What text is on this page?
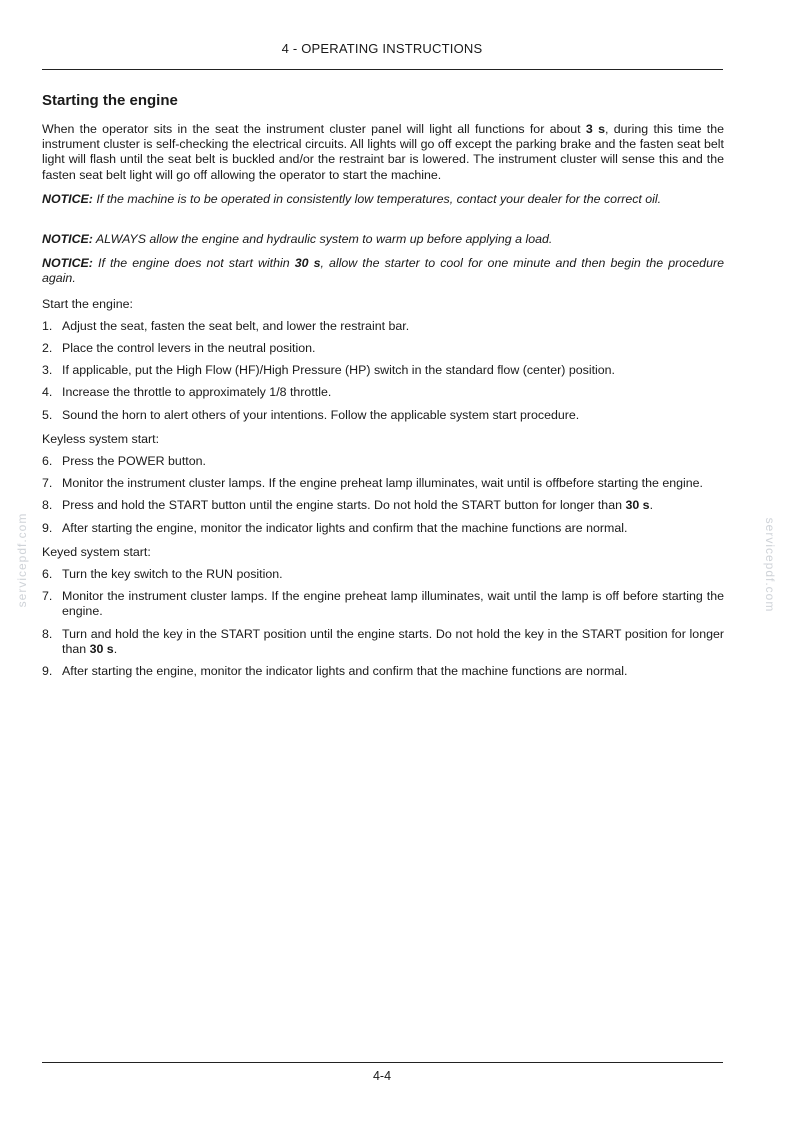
4 - OPERATING INSTRUCTIONS
Starting the engine

When the operator sits in the seat the instrument cluster panel will light all functions for about 3 s, during this time the instrument cluster is self-checking the electrical circuits. All lights will go off except the parking brake and the fasten seat belt light will flash until the seat belt is buckled and/or the restraint bar is lowered. The instrument cluster will sense this and the fasten seat belt light will go off allowing the operator to start the machine.

NOTICE: If the machine is to be operated in consistently low temperatures, contact your dealer for the correct oil.

NOTICE: ALWAYS allow the engine and hydraulic system to warm up before applying a load.

NOTICE: If the engine does not start within 30 s, allow the starter to cool for one minute and then begin the procedure again.

Start the engine:

1. Adjust the seat, fasten the seat belt, and lower the restraint bar.
2. Place the control levers in the neutral position.
3. If applicable, put the High Flow (HF)/High Pressure (HP) switch in the standard flow (center) position.
4. Increase the throttle to approximately 1/8 throttle.
5. Sound the horn to alert others of your intentions. Follow the applicable system start procedure.

Keyless system start:

6. Press the POWER button.
7. Monitor the instrument cluster lamps. If the engine preheat lamp illuminates, wait until is offbefore starting the engine.
8. Press and hold the START button until the engine starts. Do not hold the START button for longer than 30 s.
9. After starting the engine, monitor the indicator lights and confirm that the machine functions are normal.

Keyed system start:

6. Turn the key switch to the RUN position.
7. Monitor the instrument cluster lamps. If the engine preheat lamp illuminates, wait until the lamp is off before starting the engine.
8. Turn and hold the key in the START position until the engine starts. Do not hold the key in the START position for longer than 30 s.
9. After starting the engine, monitor the indicator lights and confirm that the machine functions are normal.
servicepdf.com	servicepdf.com
4-4
